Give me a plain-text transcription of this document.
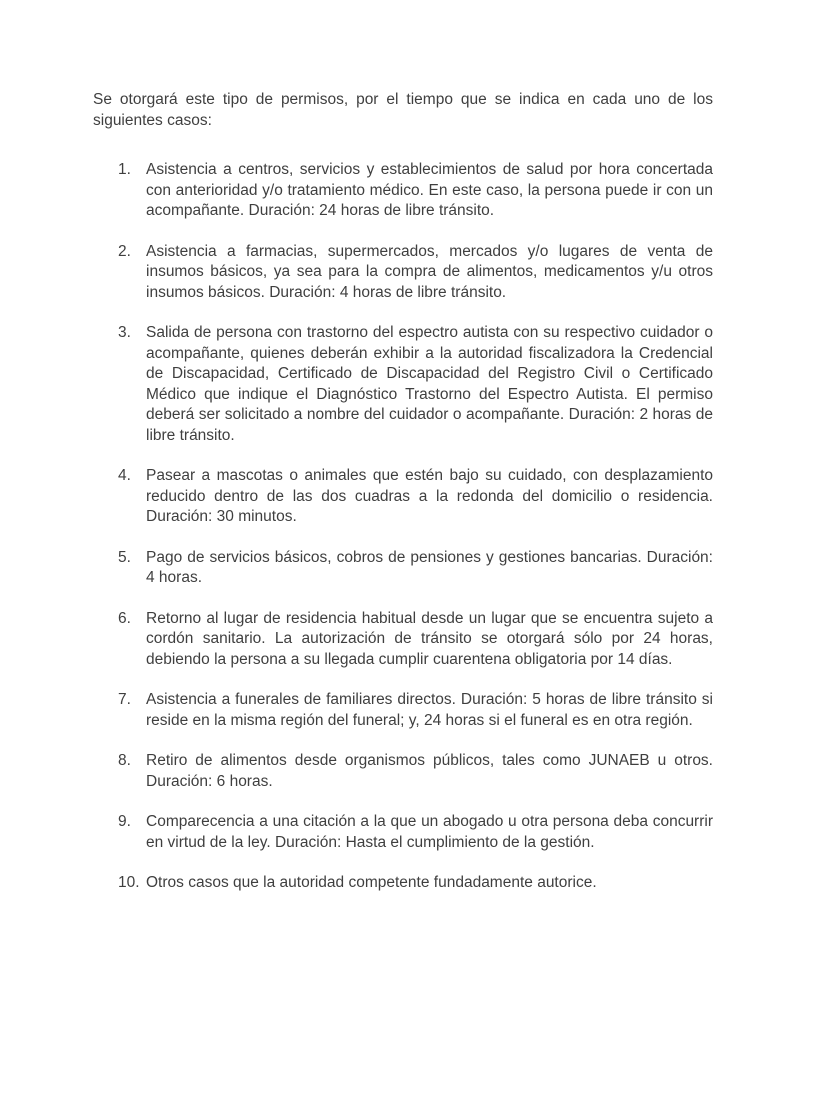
Se otorgará este tipo de permisos, por el tiempo que se indica en cada uno de los siguientes casos:

1. Asistencia a centros, servicios y establecimientos de salud por hora concertada con anterioridad y/o tratamiento médico. En este caso, la persona puede ir con un acompañante. Duración: 24 horas de libre tránsito.
2. Asistencia a farmacias, supermercados, mercados y/o lugares de venta de insumos básicos, ya sea para la compra de alimentos, medicamentos y/u otros insumos básicos. Duración: 4 horas de libre tránsito.
3. Salida de persona con trastorno del espectro autista con su respectivo cuidador o acompañante, quienes deberán exhibir a la autoridad fiscalizadora la Credencial de Discapacidad, Certificado de Discapacidad del Registro Civil o Certificado Médico que indique el Diagnóstico Trastorno del Espectro Autista. El permiso deberá ser solicitado a nombre del cuidador o acompañante. Duración: 2 horas de libre tránsito.
4. Pasear a mascotas o animales que estén bajo su cuidado, con desplazamiento reducido dentro de las dos cuadras a la redonda del domicilio o residencia. Duración: 30 minutos.
5. Pago de servicios básicos, cobros de pensiones y gestiones bancarias. Duración: 4 horas.
6. Retorno al lugar de residencia habitual desde un lugar que se encuentra sujeto a cordón sanitario. La autorización de tránsito se otorgará sólo por 24 horas, debiendo la persona a su llegada cumplir cuarentena obligatoria por 14 días.
7. Asistencia a funerales de familiares directos. Duración: 5 horas de libre tránsito si reside en la misma región del funeral; y, 24 horas si el funeral es en otra región.
8. Retiro de alimentos desde organismos públicos, tales como JUNAEB u otros. Duración: 6 horas.
9. Comparecencia a una citación a la que un abogado u otra persona deba concurrir en virtud de la ley. Duración: Hasta el cumplimiento de la gestión.
10. Otros casos que la autoridad competente fundadamente autorice.
